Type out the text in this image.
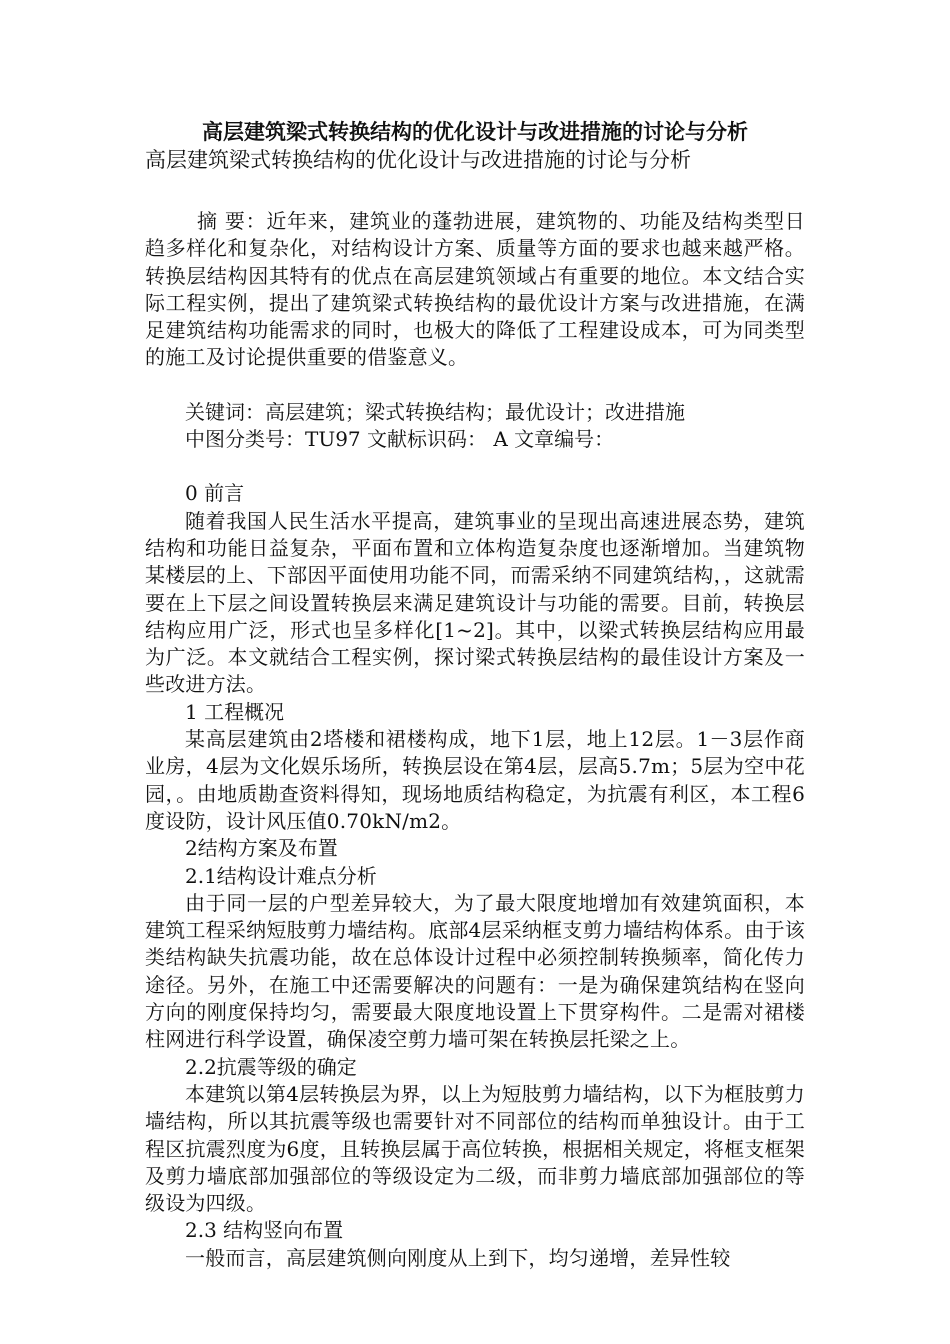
高层建筑梁式转换结构的优化设计与改进措施的讨论与分析
高层建筑梁式转换结构的优化设计与改进措施的讨论与分析

摘 要：近年来，建筑业的蓬勃进展，建筑物的、功能及结构类型日趋多样化和复杂化，对结构设计方案、质量等方面的要求也越来越严格。转换层结构因其特有的优点在高层建筑领域占有重要的地位。本文结合实际工程实例，提出了建筑梁式转换结构的最优设计方案与改进措施，在满足建筑结构功能需求的同时，也极大的降低了工程建设成本，可为同类型的施工及讨论提供重要的借鉴意义。

关键词：高层建筑；梁式转换结构；最优设计；改进措施

中图分类号：TU97 文献标识码： A 文章编号：

0 前言

随着我国人民生活水平提高，建筑事业的呈现出高速进展态势，建筑结构和功能日益复杂，平面布置和立体构造复杂度也逐渐增加。当建筑物某楼层的上、下部因平面使用功能不同，而需采纳不同建筑结构，，这就需要在上下层之间设置转换层来满足建筑设计与功能的需要。目前，转换层结构应用广泛，形式也呈多样化[1~2]。其中，以梁式转换层结构应用最为广泛。本文就结合工程实例，探讨梁式转换层结构的最佳设计方案及一些改进方法。

1 工程概况

某高层建筑由2塔楼和裙楼构成，地下1层，地上12层。1－3层作商业房，4层为文化娱乐场所，转换层设在第4层，层高5.7m；5层为空中花园，。由地质勘查资料得知，现场地质结构稳定，为抗震有利区，本工程6度设防，设计风压值0.70kN/m2。

2结构方案及布置

2.1结构设计难点分析

由于同一层的户型差异较大，为了最大限度地增加有效建筑面积，本建筑工程采纳短肢剪力墙结构。底部4层采纳框支剪力墙结构体系。由于该类结构缺失抗震功能，故在总体设计过程中必须控制转换频率，简化传力途径。另外，在施工中还需要解决的问题有：一是为确保建筑结构在竖向方向的刚度保持均匀，需要最大限度地设置上下贯穿构件。二是需对裙楼柱网进行科学设置，确保凌空剪力墙可架在转换层托梁之上。

2.2抗震等级的确定

本建筑以第4层转换层为界，以上为短肢剪力墙结构，以下为框肢剪力墙结构，所以其抗震等级也需要针对不同部位的结构而单独设计。由于工程区抗震烈度为6度，且转换层属于高位转换，根据相关规定，将框支框架及剪力墙底部加强部位的等级设定为二级，而非剪力墙底部加强部位的等级设为四级。

2.3 结构竖向布置

一般而言，高层建筑侧向刚度从上到下，均匀递增，差异性较
